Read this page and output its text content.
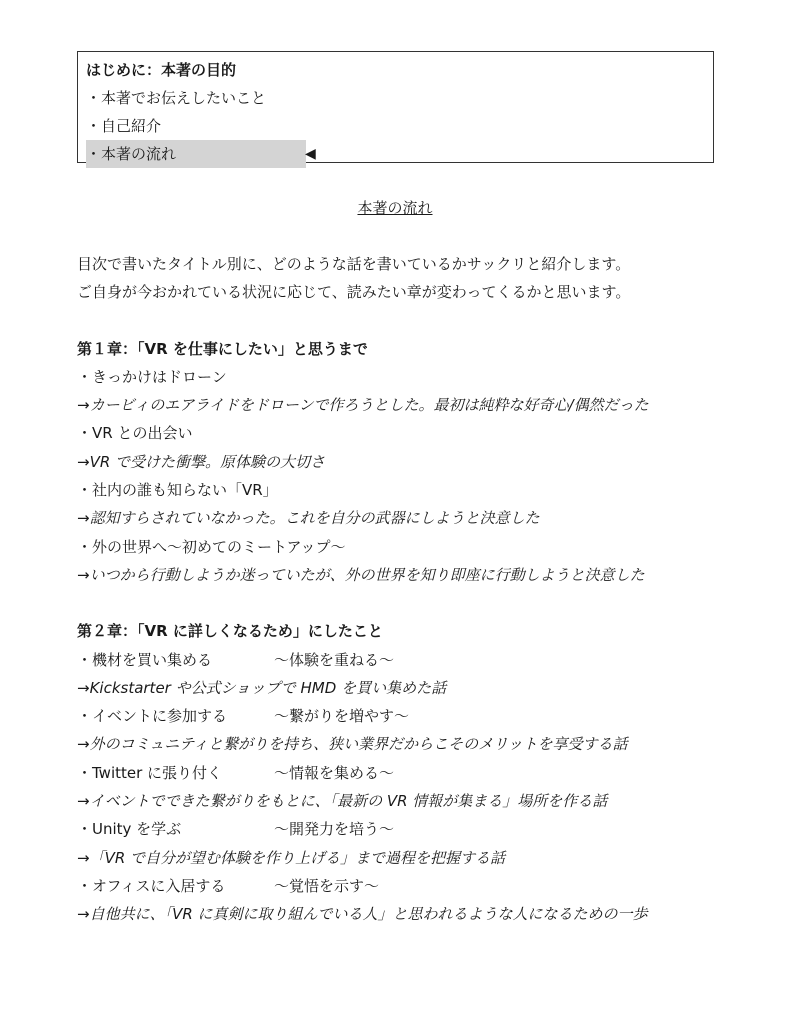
はじめに：本著の目的
・本著でお伝えしたいこと
・自己紹介
・本著の流れ	◀
本著の流れ
目次で書いたタイトル別に、どのような話を書いているかサックリと紹介します。
ご自身が今おかれている状況に応じて、読みたい章が変わってくるかと思います。
第１章：「VR を仕事にしたい」と思うまで
・きっかけはドローン
→カービィのエアライドをドローンで作ろうとした。最初は純粋な好奇心/偶然だった
・VR との出会い
→VR で受けた衝撃。原体験の大切さ
・社内の誰も知らない「VR」
→認知すらされていなかった。これを自分の武器にしようと決意した
・外の世界へ～初めてのミートアップ～
→いつから行動しようか迷っていたが、外の世界を知り即座に行動しようと決意した
第２章：「VR に詳しくなるため」にしたこと
・機材を買い集める	～体験を重ねる～
→Kickstarter や公式ショップで HMD を買い集めた話
・イベントに参加する	～繋がりを増やす～
→外のコミュニティと繋がりを持ち、狭い業界だからこそのメリットを享受する話
・Twitter に張り付く	～情報を集める～
→イベントでできた繋がりをもとに、「最新の VR 情報が集まる」場所を作る話
・Unity を学ぶ	～開発力を培う～
→「VR で自分が望む体験を作り上げる」まで過程を把握する話
・オフィスに入居する	～覚悟を示す～
→自他共に、「VR に真剣に取り組んでいる人」と思われるような人になるための一歩
